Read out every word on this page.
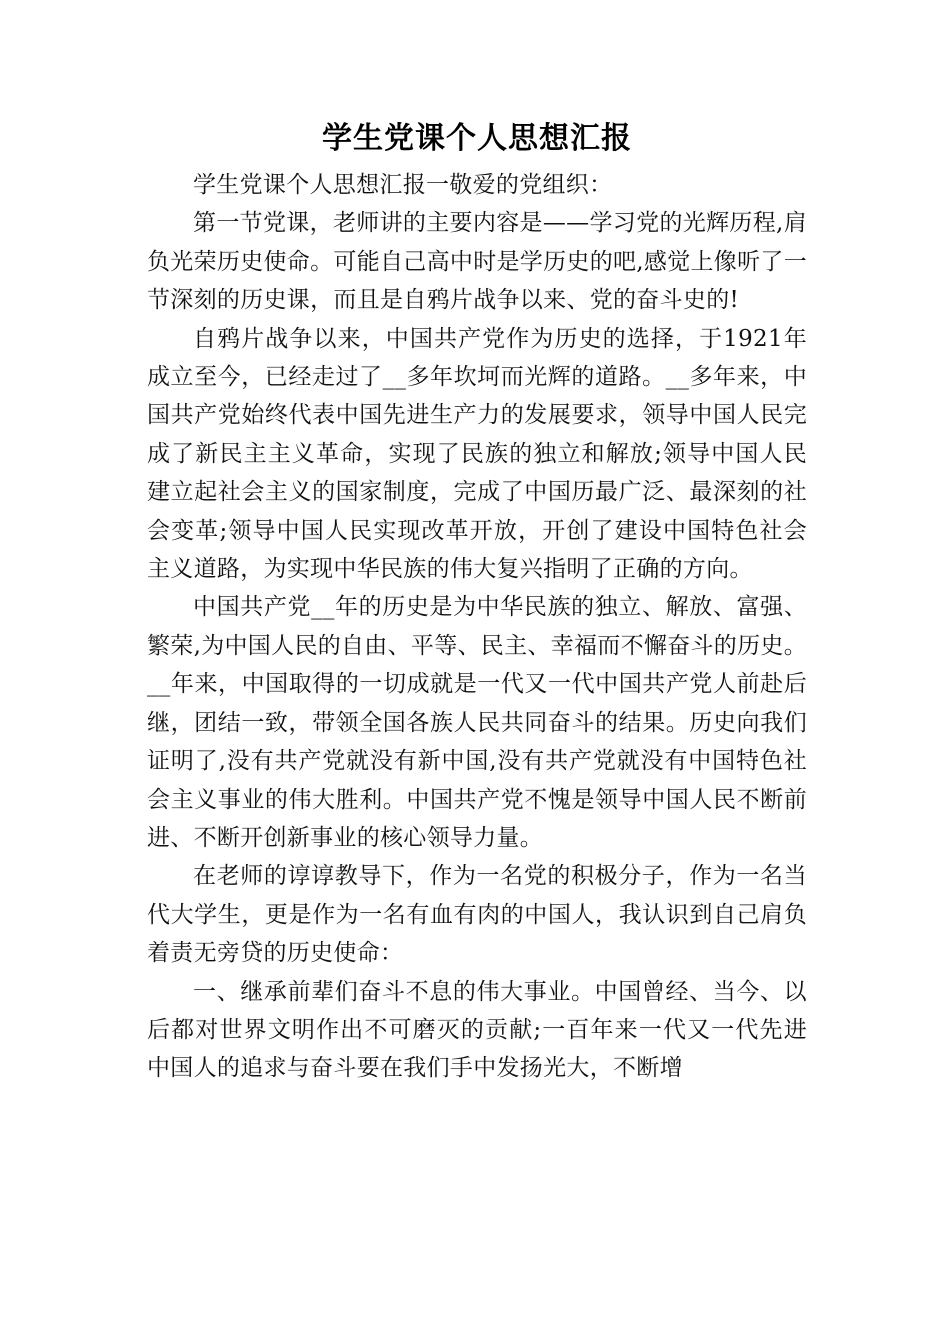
学生党课个人思想汇报

学生党课个人思想汇报一敬爱的党组织：

第一节党课，老师讲的主要内容是——学习党的光辉历程,肩负光荣历史使命。可能自己高中时是学历史的吧,感觉上像听了一节深刻的历史课，而且是自鸦片战争以来、党的奋斗史的!

自鸦片战争以来，中国共产党作为历史的选择，于1921年成立至今，已经走过了__多年坎坷而光辉的道路。__多年来，中国共产党始终代表中国先进生产力的发展要求，领导中国人民完成了新民主主义革命，实现了民族的独立和解放;领导中国人民建立起社会主义的国家制度，完成了中国历最广泛、最深刻的社会变革;领导中国人民实现改革开放，开创了建设中国特色社会主义道路，为实现中华民族的伟大复兴指明了正确的方向。

中国共产党__年的历史是为中华民族的独立、解放、富强、繁荣,为中国人民的自由、平等、民主、幸福而不懈奋斗的历史。__年来，中国取得的一切成就是一代又一代中国共产党人前赴后继，团结一致，带领全国各族人民共同奋斗的结果。历史向我们证明了,没有共产党就没有新中国,没有共产党就没有中国特色社会主义事业的伟大胜利。中国共产党不愧是领导中国人民不断前进、不断开创新事业的核心领导力量。

在老师的谆谆教导下，作为一名党的积极分子，作为一名当代大学生，更是作为一名有血有肉的中国人，我认识到自己肩负着责无旁贷的历史使命：

一、继承前辈们奋斗不息的伟大事业。中国曾经、当今、以后都对世界文明作出不可磨灭的贡献;一百年来一代又一代先进中国人的追求与奋斗要在我们手中发扬光大，不断增
